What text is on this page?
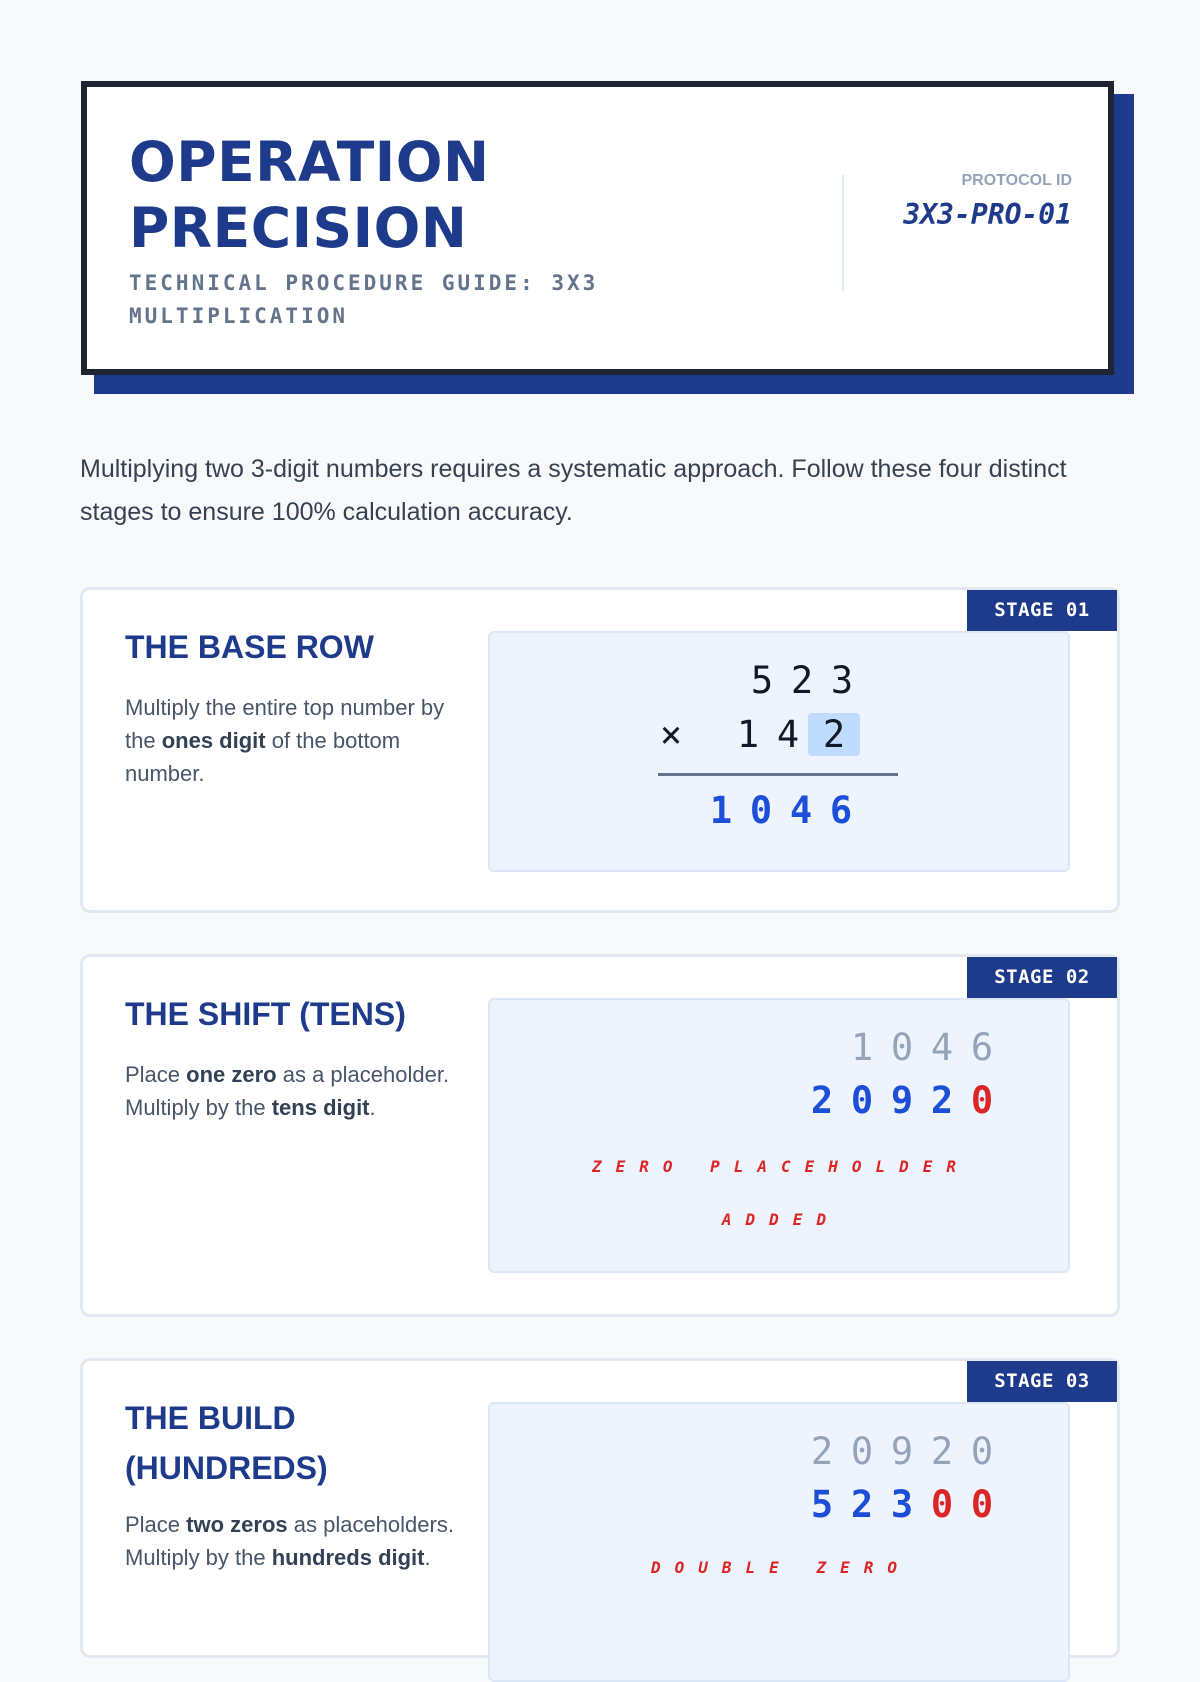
OPERATION
PRECISION
TECHNICAL PROCEDURE GUIDE: 3X3 MULTIPLICATION
PROTOCOL ID
3X3-PRO-01

Multiplying two 3-digit numbers requires a systematic approach. Follow these four distinct stages to ensure 100% calculation accuracy.

STAGE 01
THE BASE ROW

Multiply the entire top number by the ones digit of the bottom number.

5 2 3
× 1 4 2
1 0 4 6
STAGE 02
THE SHIFT (TENS)

Place one zero as a placeholder. Multiply by the tens digit.

1 0 4 6
2 0 9 2 0
ZERO PLACEHOLDER ADDED
STAGE 03
THE BUILD (HUNDREDS)

Place two zeros as placeholders. Multiply by the hundreds digit.

2 0 9 2 0
5 2 3 0 0
DOUBLE ZERO
